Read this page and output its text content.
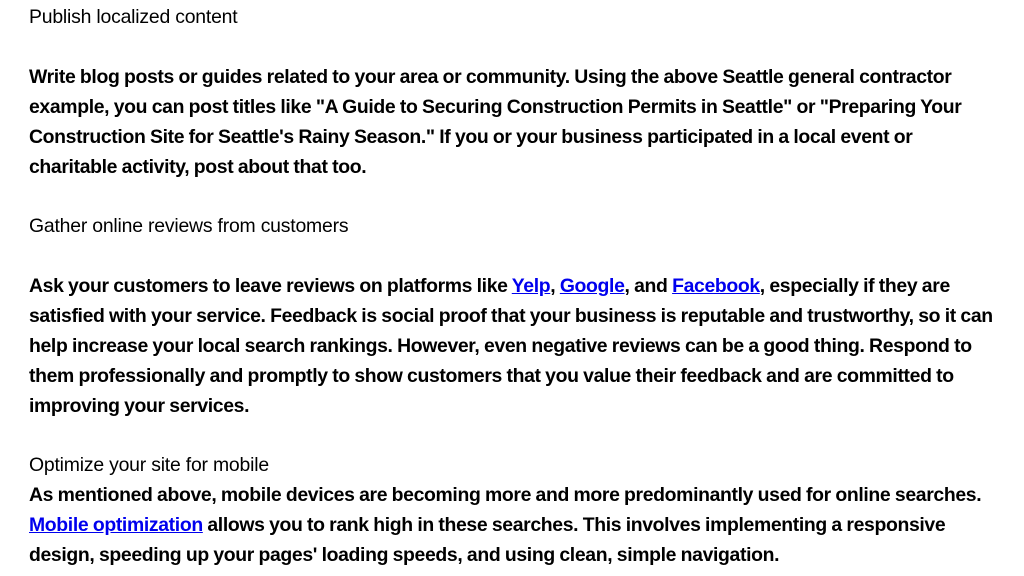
Publish localized content

Write blog posts or guides related to your area or community. Using the above Seattle general contractor example, you can post titles like "A Guide to Securing Construction Permits in Seattle" or "Preparing Your Construction Site for Seattle's Rainy Season." If you or your business participated in a local event or charitable activity, post about that too.

Gather online reviews from customers

Ask your customers to leave reviews on platforms like Yelp, Google, and Facebook, especially if they are satisfied with your service. Feedback is social proof that your business is reputable and trustworthy, so it can help increase your local search rankings. However, even negative reviews can be a good thing. Respond to them professionally and promptly to show customers that you value their feedback and are committed to improving your services.

Optimize your site for mobile

As mentioned above, mobile devices are becoming more and more predominantly used for online searches. Mobile optimization allows you to rank high in these searches. This involves implementing a responsive design, speeding up your pages' loading speeds, and using clean, simple navigation.
